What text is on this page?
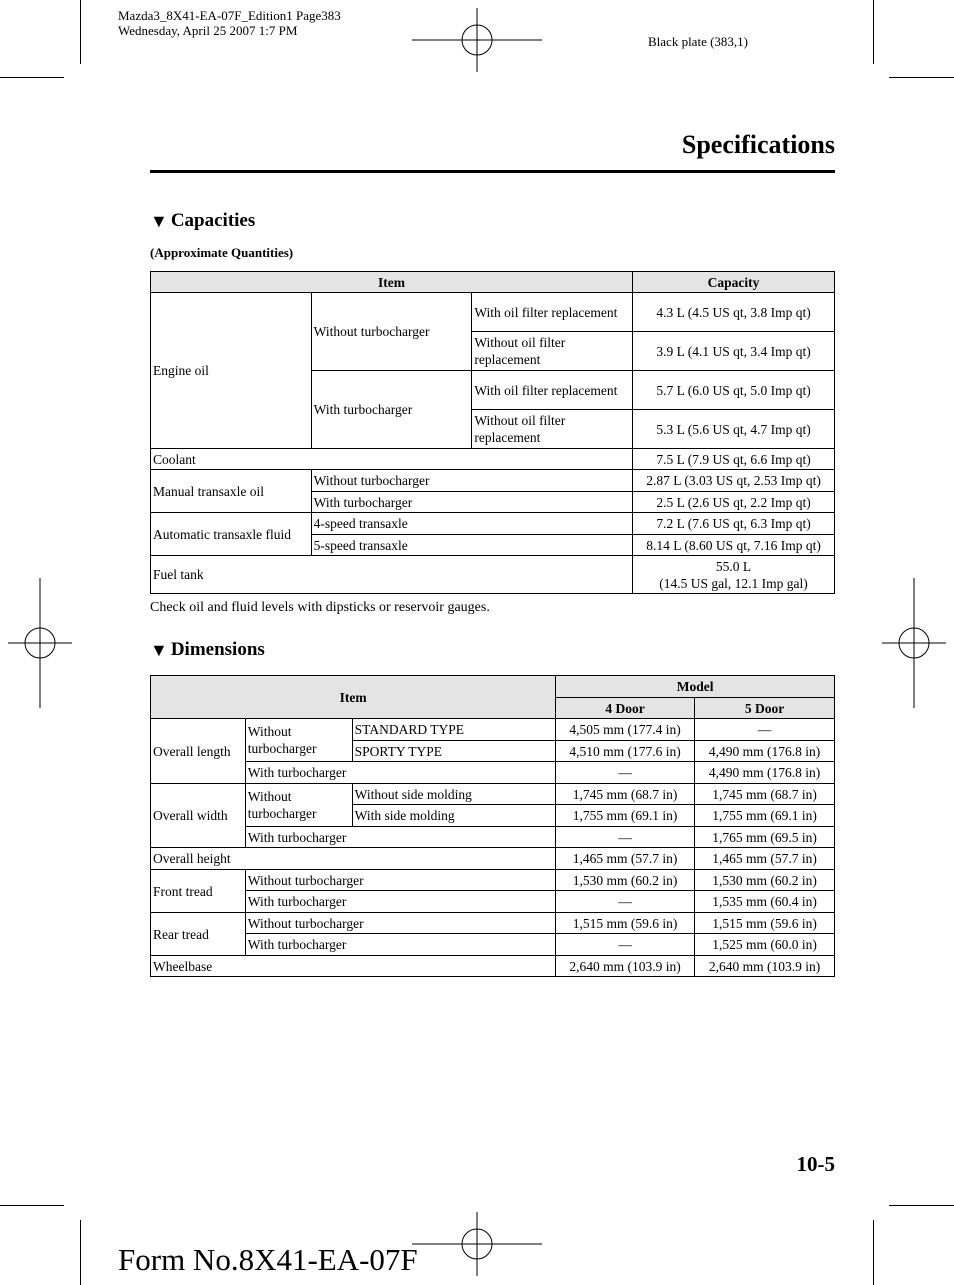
Mazda3_8X41-EA-07F_Edition1 Page383
Wednesday, April 25 2007 1:7 PM
Black plate (383,1)
Specifications
▼ Capacities
(Approximate Quantities)
Item			Capacity
Engine oil	Without turbocharger	With oil filter replacement	4.3 L (4.5 US qt, 3.8 Imp qt)
		Without oil filter replacement	3.9 L (4.1 US qt, 3.4 Imp qt)
	With turbocharger	With oil filter replacement	5.7 L (6.0 US qt, 5.0 Imp qt)
		Without oil filter replacement	5.3 L (5.6 US qt, 4.7 Imp qt)
Coolant			7.5 L (7.9 US qt, 6.6 Imp qt)
Manual transaxle oil	Without turbocharger		2.87 L (3.03 US qt, 2.53 Imp qt)
	With turbocharger		2.5 L (2.6 US qt, 2.2 Imp qt)
Automatic transaxle fluid	4-speed transaxle		7.2 L (7.6 US qt, 6.3 Imp qt)
	5-speed transaxle		8.14 L (8.60 US qt, 7.16 Imp qt)
Fuel tank			55.0 L
(14.5 US gal, 12.1 Imp gal)
Check oil and fluid levels with dipsticks or reservoir gauges.
▼ Dimensions
Item			Model	
			4 Door	5 Door
Overall length	Without turbocharger	STANDARD TYPE	4,505 mm (177.4 in)	—
		SPORTY TYPE	4,510 mm (177.6 in)	4,490 mm (176.8 in)
	With turbocharger		—	4,490 mm (176.8 in)
Overall width	Without turbocharger	Without side molding	1,745 mm (68.7 in)	1,745 mm (68.7 in)
		With side molding	1,755 mm (69.1 in)	1,755 mm (69.1 in)
	With turbocharger		—	1,765 mm (69.5 in)
Overall height			1,465 mm (57.7 in)	1,465 mm (57.7 in)
Front tread	Without turbocharger		1,530 mm (60.2 in)	1,530 mm (60.2 in)
	With turbocharger		—	1,535 mm (60.4 in)
Rear tread	Without turbocharger		1,515 mm (59.6 in)	1,515 mm (59.6 in)
	With turbocharger		—	1,525 mm (60.0 in)
Wheelbase			2,640 mm (103.9 in)	2,640 mm (103.9 in)
10-5
Form No.8X41-EA-07F
